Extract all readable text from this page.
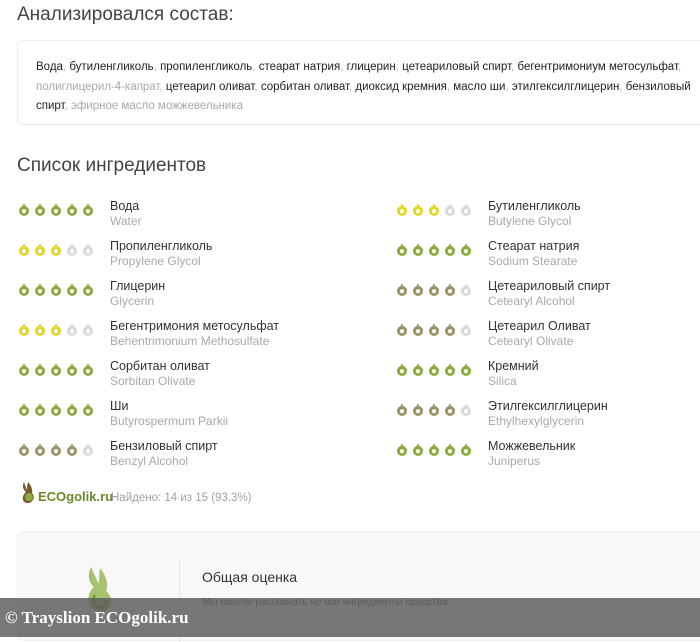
Анализировался состав:
Вода, бутиленгликоль, пропиленгликоль, стеарат натрия, глицерин, цетеариловый спирт, бегентримониум метосульфат, полиглицерил-4-капрат, цетеарил оливат, сорбитан оливат, диоксид кремния, масло ши, этилгексилглицерин, бензиловый спирт, эфирное масло можжевельника
Список ингредиентов
Вода
Water
Бутиленгликоль
Butylene Glycol
Пропиленгликоль
Propylene Glycol
Стеарат натрия
Sodium Stearate
Глицерин
Glycerin
Цетеариловый спирт
Cetearyl Alcohol
Бегентримония метосульфат
Behentrimonium Methosulfate
Цетеарил Оливат
Cetearyl Olivate
Сорбитан оливат
Sorbitan Olivate
Кремний
Silica
Ши
Butyrospermum Parkii
Этилгексилглицерин
Ethylhexylglycerin
Бензиловый спирт
Benzyl Alcohol
Можжевельник
Juniperus
ECOgolik.ru
Найдено: 14 из 15 (93.3%)
Общая оценка
© Trayslion ECOgolik.ru
